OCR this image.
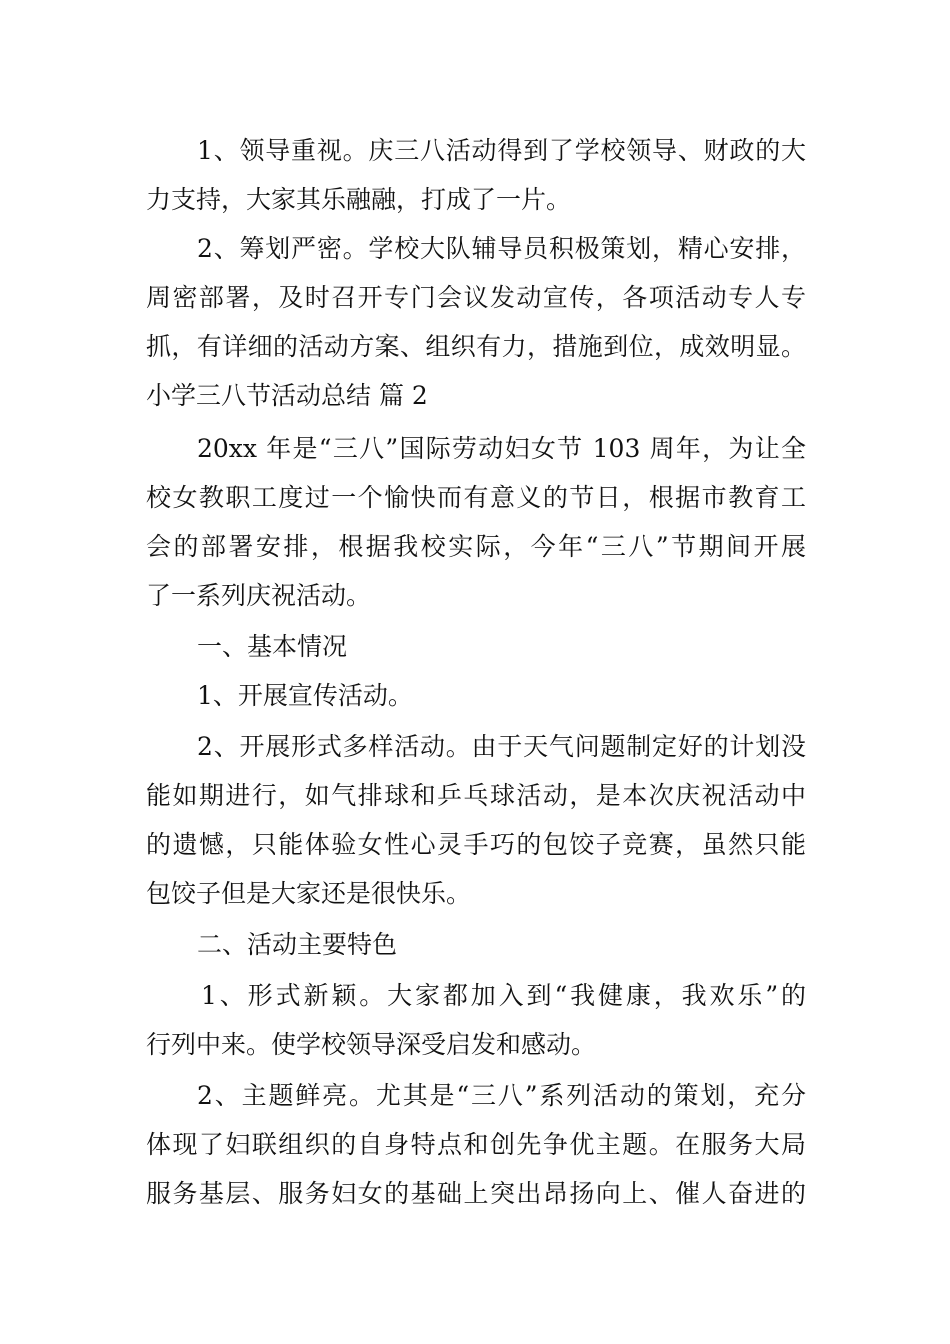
1、领导重视。庆三八活动得到了学校领导、财政的大
力支持，大家其乐融融，打成了一片。
2、筹划严密。学校大队辅导员积极策划，精心安排，
周密部署，及时召开专门会议发动宣传，各项活动专人专
抓，有详细的活动方案、组织有力，措施到位，成效明显。
小学三八节活动总结 篇 2
20xx 年是“三八”国际劳动妇女节 103 周年，为让全
校女教职工度过一个愉快而有意义的节日，根据市教育工
会的部署安排，根据我校实际，今年“三八”节期间开展
了一系列庆祝活动。
一、基本情况
1、开展宣传活动。
2、开展形式多样活动。由于天气问题制定好的计划没
能如期进行，如气排球和乒乓球活动，是本次庆祝活动中
的遗憾，只能体验女性心灵手巧的包饺子竞赛，虽然只能
包饺子但是大家还是很快乐。
二、活动主要特色
1、形式新颖。大家都加入到“我健康，我欢乐”的
行列中来。使学校领导深受启发和感动。
2、主题鲜亮。尤其是“三八”系列活动的策划，充分
体现了妇联组织的自身特点和创先争优主题。在服务大局
服务基层、服务妇女的基础上突出昂扬向上、催人奋进的
